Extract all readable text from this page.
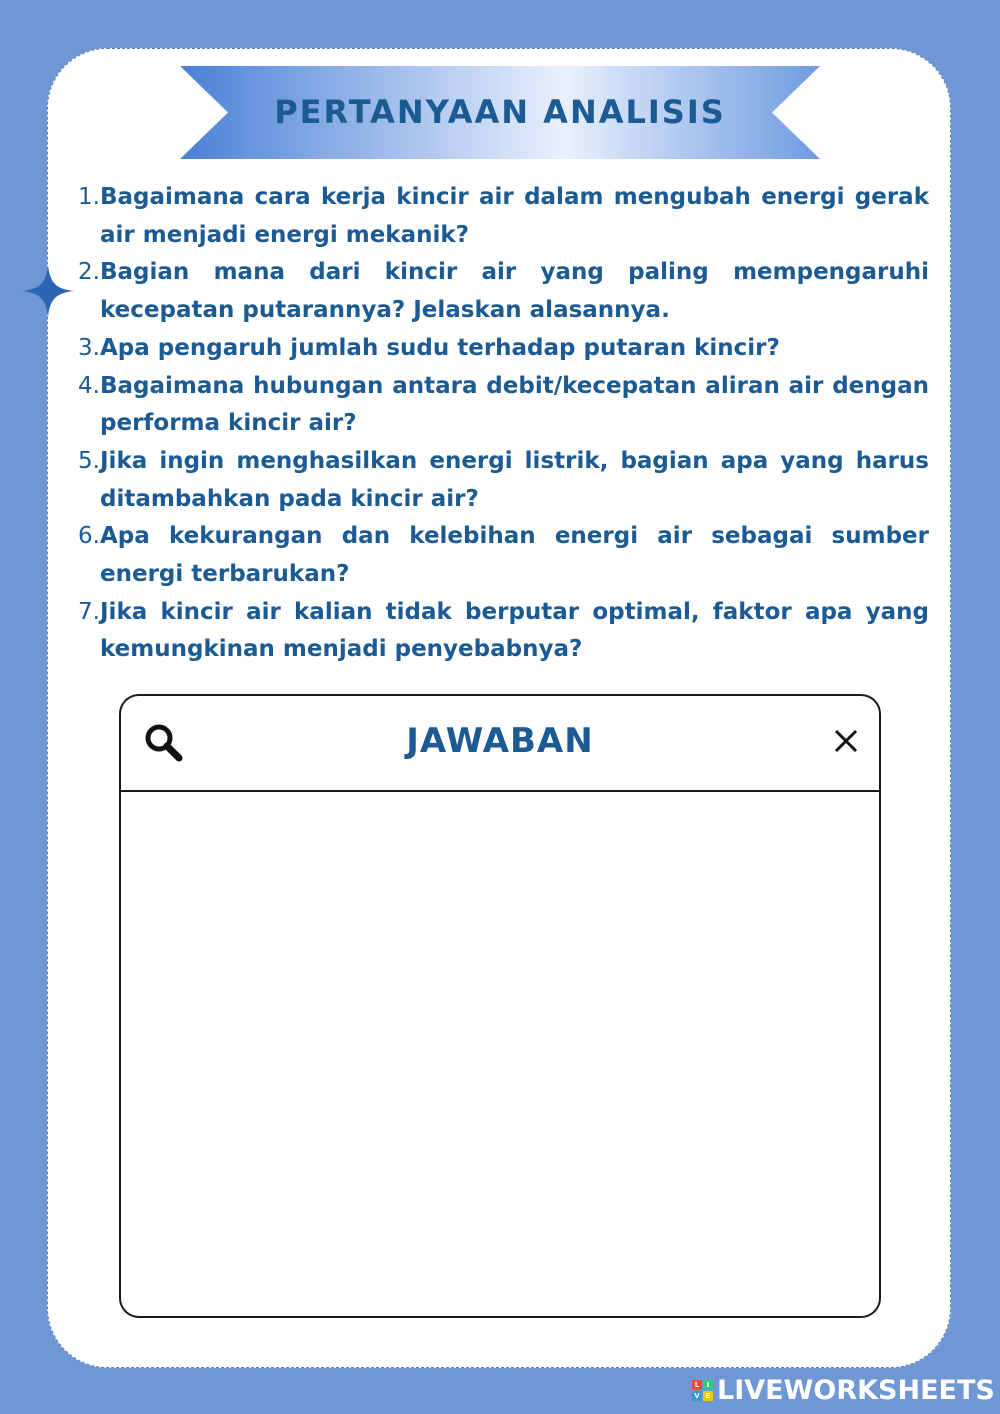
PERTANYAAN ANALISIS
1. Bagaimana cara kerja kincir air dalam mengubah energi gerak air menjadi energi mekanik?
2. Bagian mana dari kincir air yang paling mempengaruhi kecepatan putarannya? Jelaskan alasannya.
3. Apa pengaruh jumlah sudu terhadap putaran kincir?
4. Bagaimana hubungan antara debit/kecepatan aliran air dengan performa kincir air?
5. Jika ingin menghasilkan energi listrik, bagian apa yang harus ditambahkan pada kincir air?
6. Apa kekurangan dan kelebihan energi air sebagai sumber energi terbarukan?
7. Jika kincir air kalian tidak berputar optimal, faktor apa yang kemungkinan menjadi penyebabnya?
JAWABAN
L	I
V E LIVEWORKSHEETS
